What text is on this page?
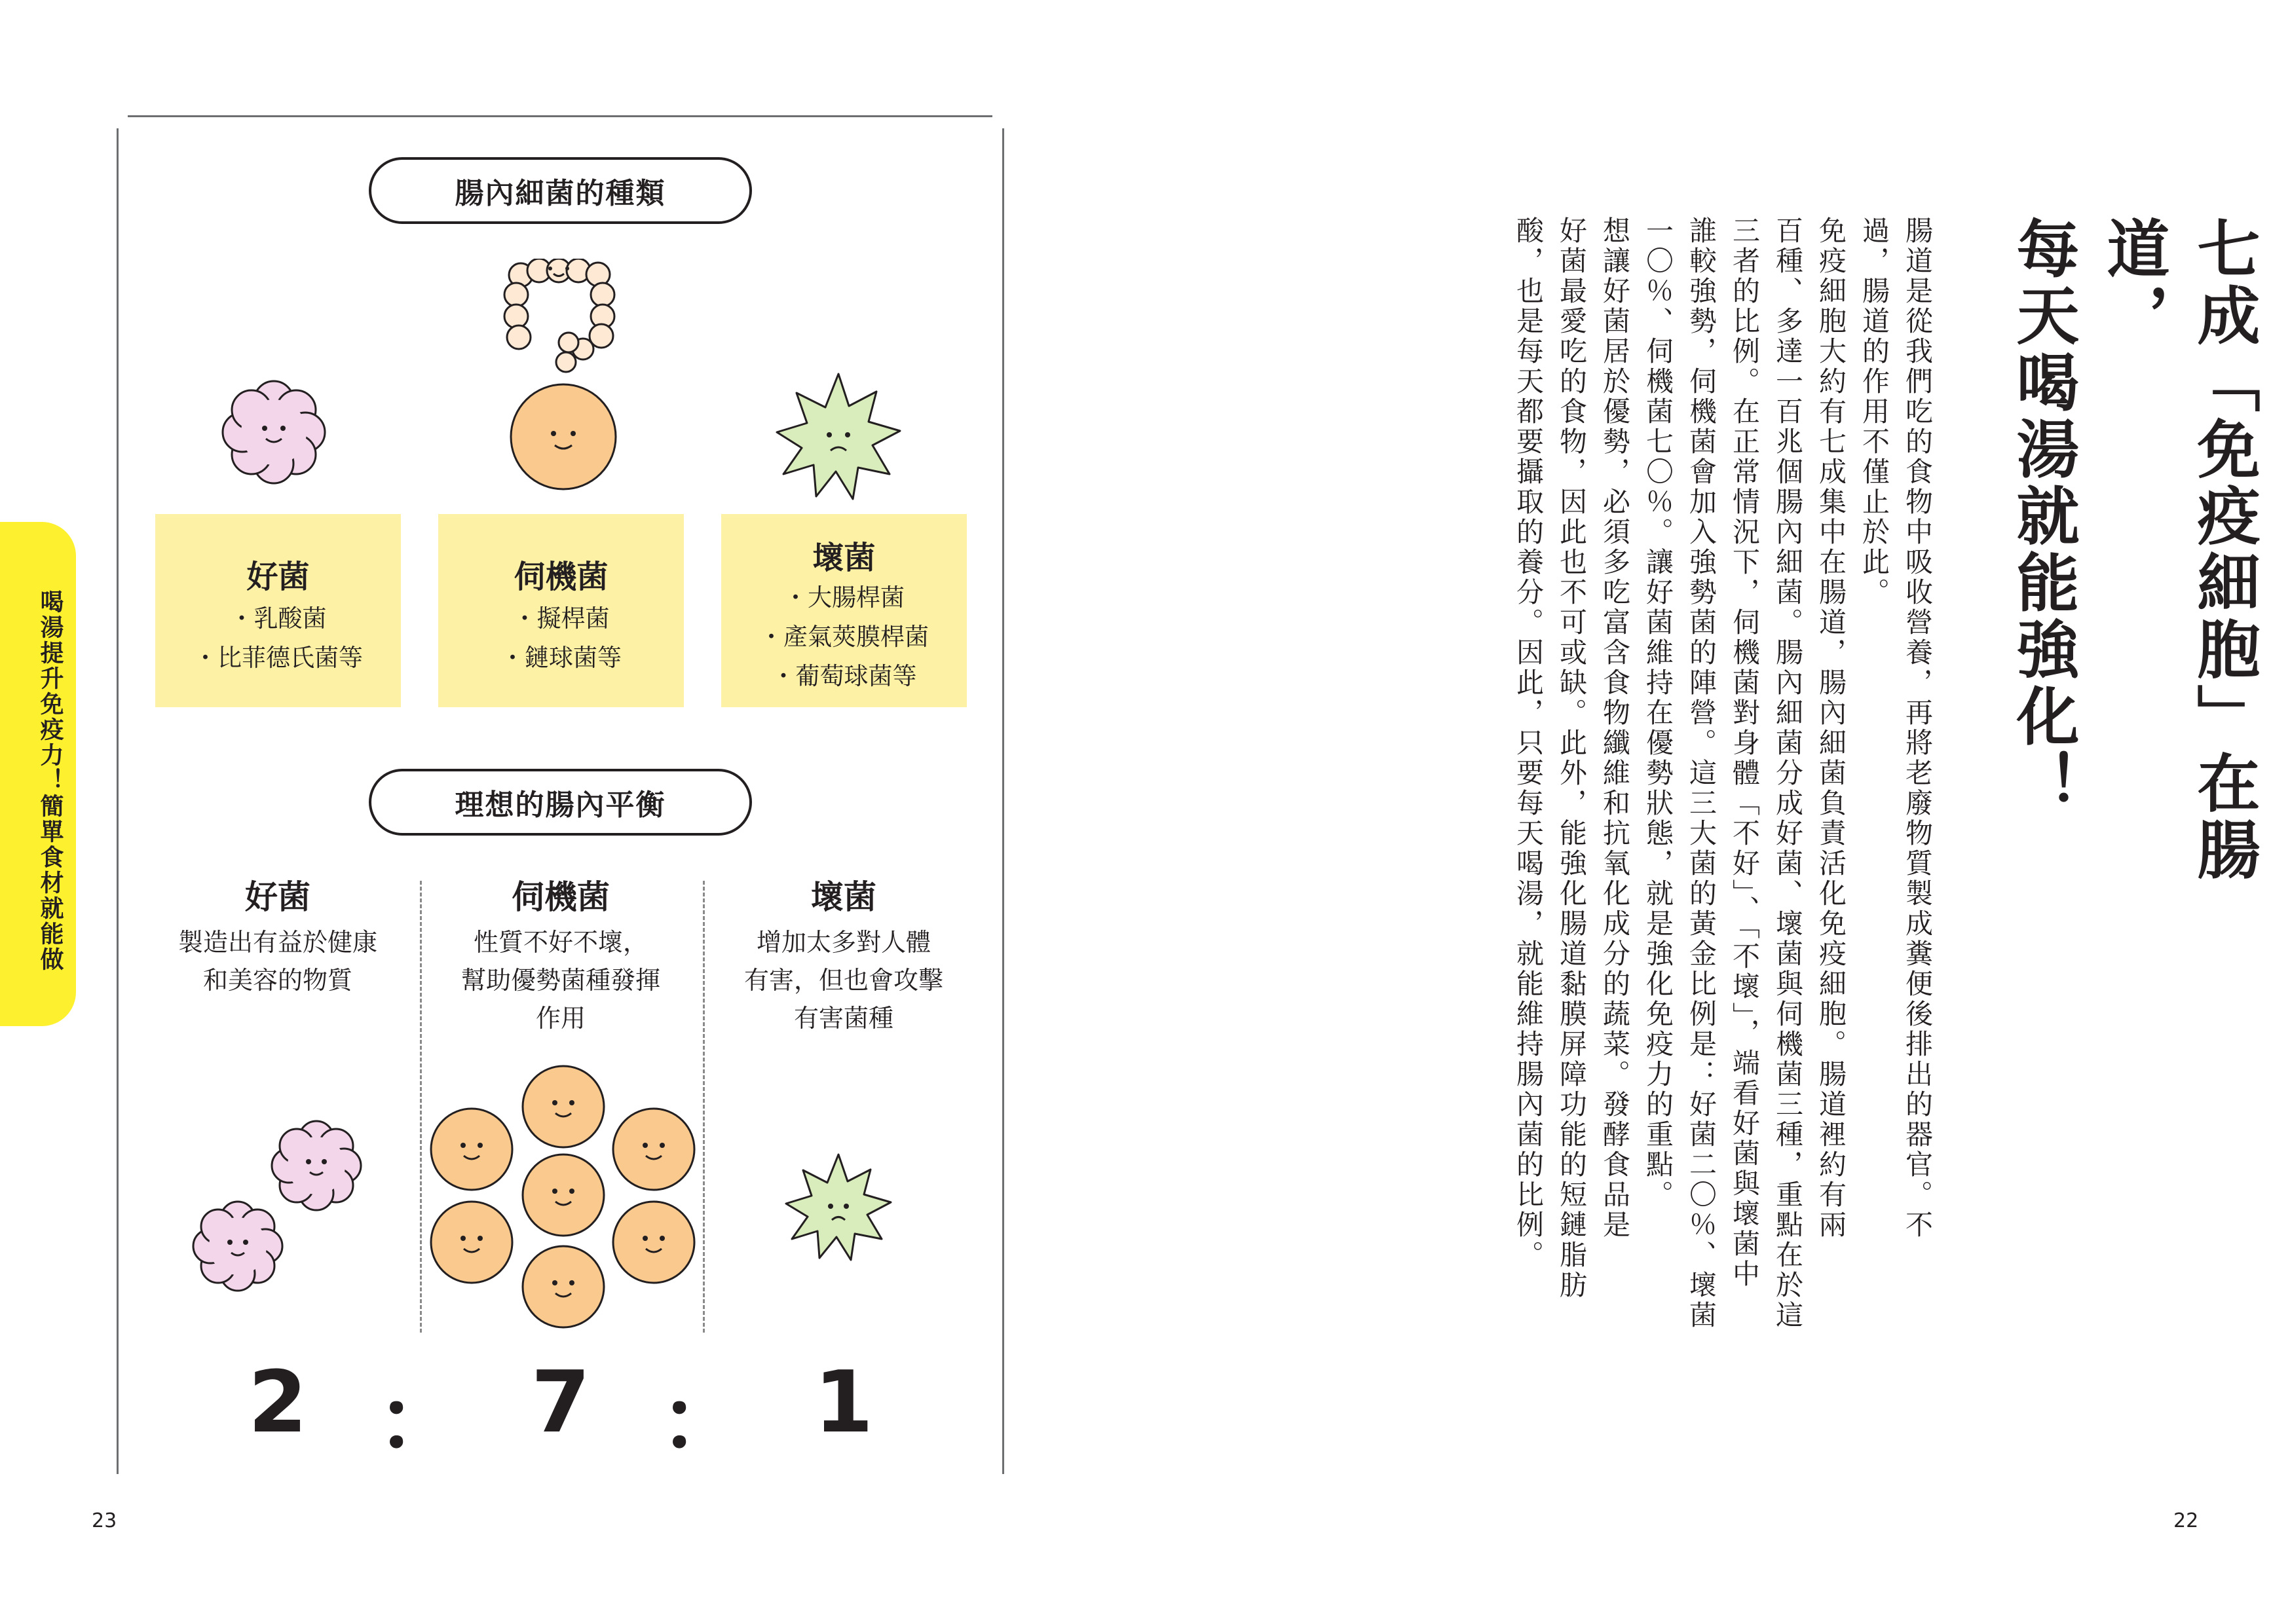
腸內細菌的種類
好菌
・乳酸菌
・比菲德氏菌等
伺機菌
・擬桿菌
・鏈球菌等
壞菌
・大腸桿菌
・產氣莢膜桿菌
・葡萄球菌等
理想的腸內平衡
好菌	伺機菌	壞菌
製造出有益於健康
和美容的物質
性質不好不壞，
幫助優勢菌種發揮
作用
增加太多對人體
有害，但也會攻擊
有害菌種
2 ： 7 ： 1
喝湯提升免疫力！簡單食材就能做
23
七成「免疫細胞」在腸道，
每天喝湯就能強化！
腸道是從我們吃的食物中吸收營養，再將老廢物質製成糞便後排出的器官。不
過，腸道的作用不僅止於此。
免疫細胞大約有七成集中在腸道，腸內細菌負責活化免疫細胞。腸道裡約有兩
百種、多達一百兆個腸內細菌。腸內細菌分成好菌、壞菌與伺機菌三種，重點在於這
三者的比例。在正常情況下，伺機菌對身體「不好」、「不壞」，端看好菌與壞菌中
誰較強勢，伺機菌會加入強勢菌的陣營。這三大菌的黃金比例是：好菌二〇％、壞菌
一〇％、伺機菌七〇％。讓好菌維持在優勢狀態，就是強化免疫力的重點。
想讓好菌居於優勢，必須多吃富含食物纖維和抗氧化成分的蔬菜。發酵食品是
好菌最愛吃的食物，因此也不可或缺。此外，能強化腸道黏膜屏障功能的短鏈脂肪
酸，也是每天都要攝取的養分。因此，只要每天喝湯，就能維持腸內菌的比例。
22
